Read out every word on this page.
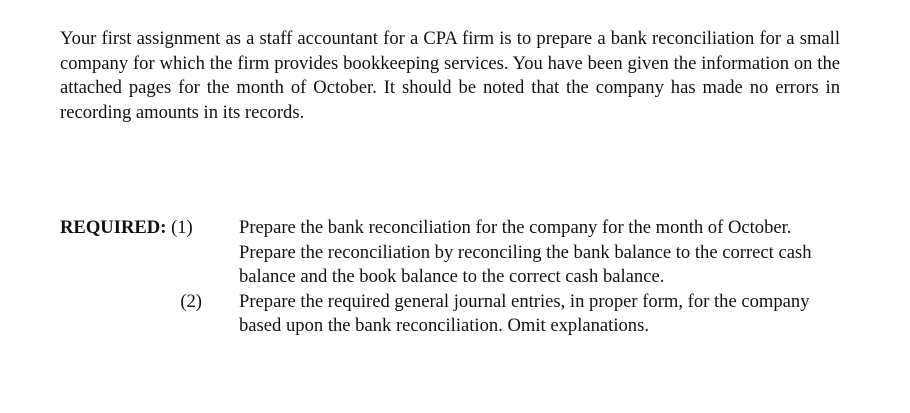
Your first assignment as a staff accountant for a CPA firm is to prepare a bank reconciliation for a small company for which the firm provides bookkeeping services. You have been given the information on the attached pages for the month of October. It should be noted that the company has made no errors in recording amounts in its records.
REQUIRED: (1)	Prepare the bank reconciliation for the company for the month of October. Prepare the reconciliation by reconciling the bank balance to the correct cash balance and the book balance to the correct cash balance.
(2)	Prepare the required general journal entries, in proper form, for the company based upon the bank reconciliation. Omit explanations.
